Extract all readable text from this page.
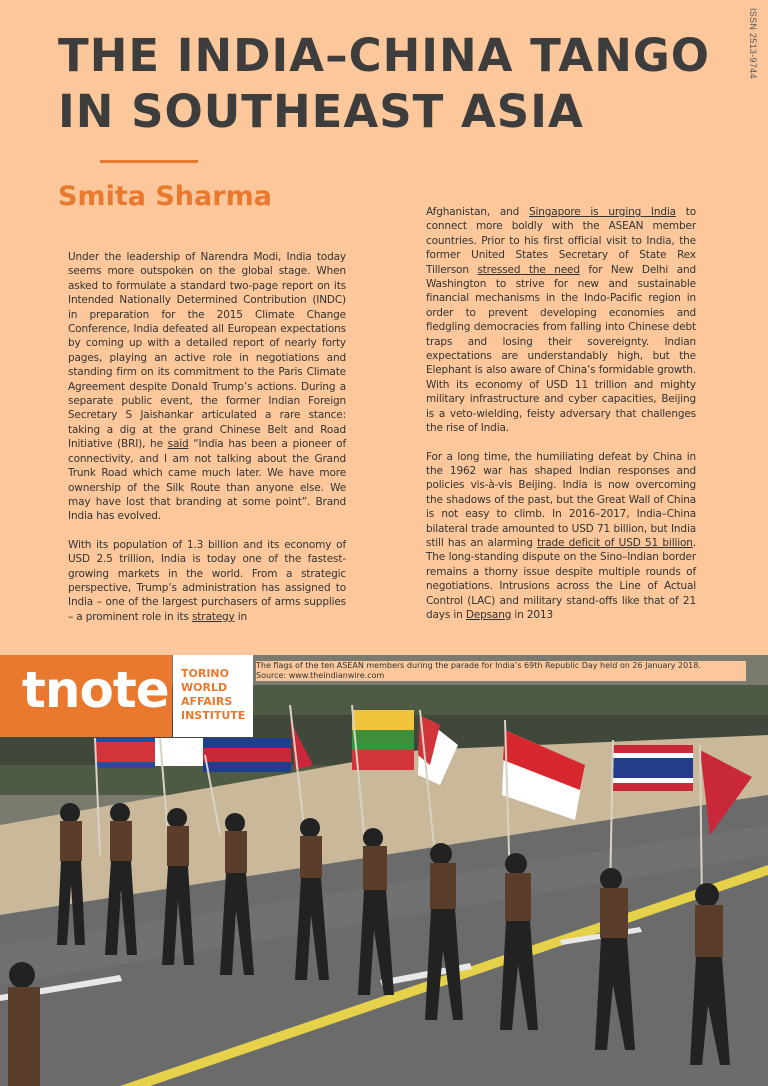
ISSN 2513-9744
THE INDIA–CHINA TANGO IN SOUTHEAST ASIA
Smita Sharma

Under the leadership of Narendra Modi, India today seems more outspoken on the global stage. When asked to formulate a standard two-page report on its Intended Nationally Determined Contribution (INDC) in preparation for the 2015 Climate Change Conference, India defeated all European expectations by coming up with a detailed report of nearly forty pages, playing an active role in negotiations and standing firm on its commitment to the Paris Climate Agreement despite Donald Trump’s actions. During a separate public event, the former Indian Foreign Secretary S Jaishankar articulated a rare stance: taking a dig at the grand Chinese Belt and Road Initiative (BRI), he said “India has been a pioneer of connectivity, and I am not talking about the Grand Trunk Road which came much later. We have more ownership of the Silk Route than anyone else. We may have lost that branding at some point”. Brand India has evolved.

With its population of 1.3 billion and its economy of USD 2.5 trillion, India is today one of the fastest-growing markets in the world. From a strategic perspective, Trump’s administration has assigned to India – one of the largest purchasers of arms supplies – a prominent role in its strategy in

Afghanistan, and Singapore is urging India to connect more boldly with the ASEAN member countries. Prior to his first official visit to India, the former United States Secretary of State Rex Tillerson stressed the need for New Delhi and Washington to strive for new and sustainable financial mechanisms in the Indo-Pacific region in order to prevent developing economies and fledgling democracies from falling into Chinese debt traps and losing their sovereignty. Indian expectations are understandably high, but the Elephant is also aware of China’s formidable growth. With its economy of USD 11 trillion and mighty military infrastructure and cyber capacities, Beijing is a veto-wielding, feisty adversary that challenges the rise of India.

For a long time, the humiliating defeat by China in the 1962 war has shaped Indian responses and policies vis-à-vis Beijing. India is now overcoming the shadows of the past, but the Great Wall of China is not easy to climb. In 2016–2017, India–China bilateral trade amounted to USD 71 billion, but India still has an alarming trade deficit of USD 51 billion. The long-standing dispute on the Sino–Indian border remains a thorny issue despite multiple rounds of negotiations. Intrusions across the Line of Actual Control (LAC) and military stand-offs like that of 21 days in Depsang in 2013

tnote TORINO WORLD AFFAIRS INSTITUTE
The flags of the ten ASEAN members during the parade for India’s 69th Republic Day held on 26 January 2018.
Source: www.theindianwire.com
